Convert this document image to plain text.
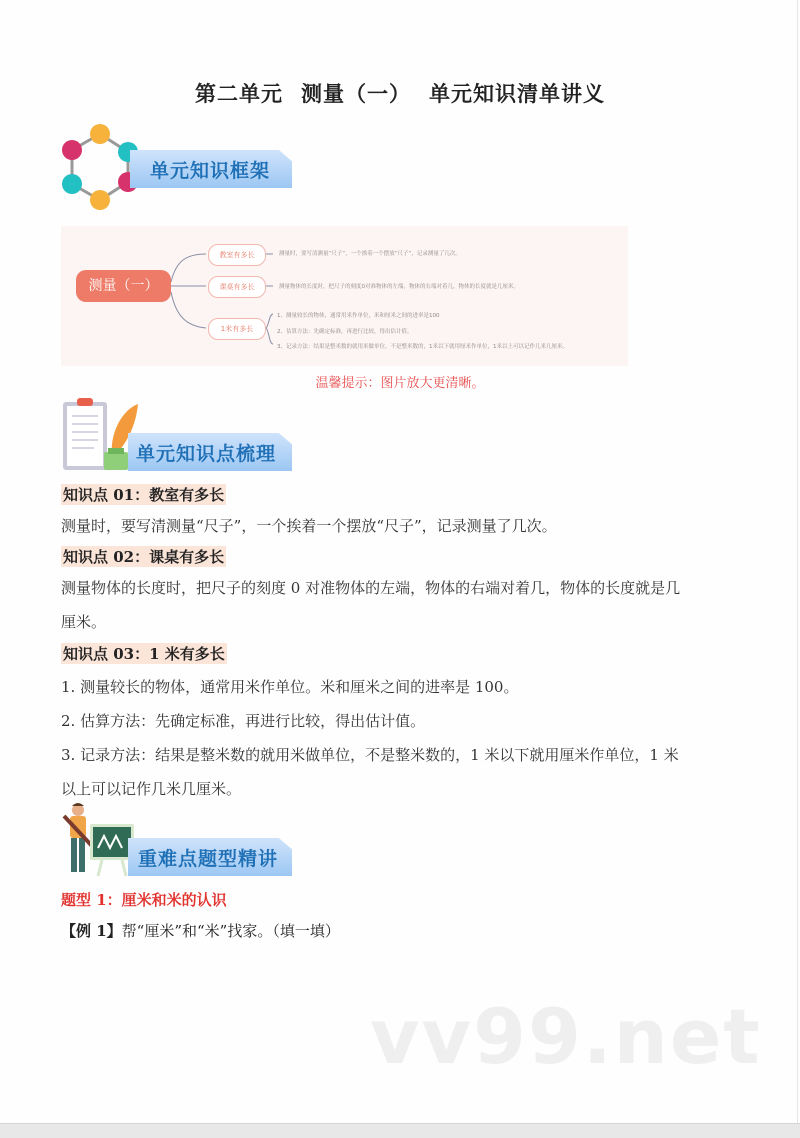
第二单元 测量（一） 单元知识清单讲义
单元知识框架
测量（一）
教室有多长
课桌有多长
1米有多长
测量时，要写清测量“尺子”，一个挨着一个摆放“尺子”，记录测量了几次。
测量物体的长度时，把尺子的刻度0对准物体的左端，物体的右端对着几，物体的长度就是几厘米。
1、测量较长的物体，通常用米作单位，米和厘米之间的进率是100
2、估算方法：先确定标准，再进行比较，得出估计值。
3、记录方法：结果是整米数的就用米做单位，不是整米数的，1米以下就用厘米作单位，1米以上可以记作几米几厘米。
温馨提示：图片放大更清晰。
单元知识点梳理
知识点 01：教室有多长
测量时，要写清测量“尺子”，一个挨着一个摆放“尺子”，记录测量了几次。
知识点 02：课桌有多长
测量物体的长度时，把尺子的刻度 0 对准物体的左端，物体的右端对着几，物体的长度就是几
厘米。
知识点 03：1 米有多长
1. 测量较长的物体，通常用米作单位。米和厘米之间的进率是 100。
2. 估算方法：先确定标准，再进行比较，得出估计值。
3. 记录方法：结果是整米数的就用米做单位，不是整米数的，1 米以下就用厘米作单位，1 米
以上可以记作几米几厘米。
重难点题型精讲
题型 1：厘米和米的认识
【例 1】帮“厘米”和“米”找家。（填一填）
vv99.net
